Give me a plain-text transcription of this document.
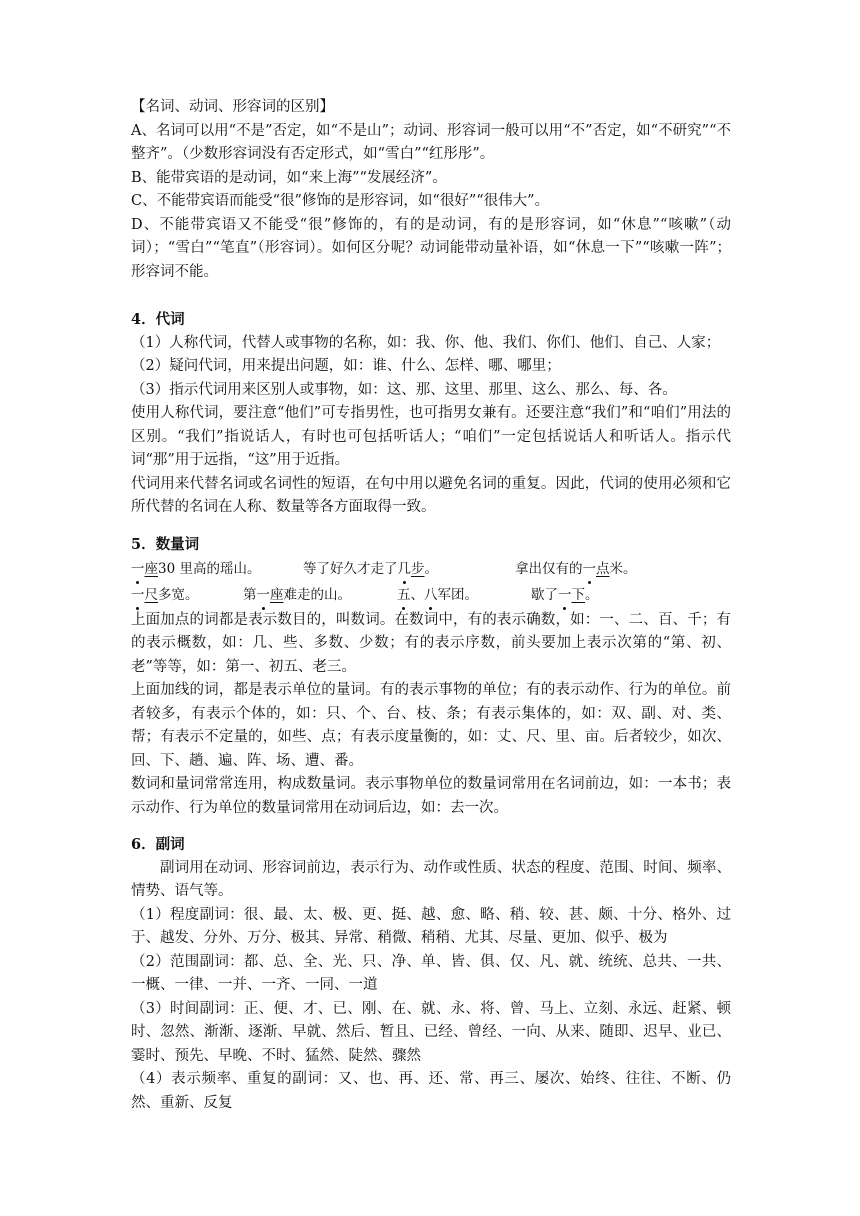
【名词、动词、形容词的区别】

A、名词可以用“不是”否定，如“不是山”；动词、形容词一般可以用“不”否定，如“不研究”“不整齐”。（少数形容词没有否定形式，如“雪白”“红彤彤”。

B、能带宾语的是动词，如“来上海”“发展经济”。

C、不能带宾语而能受“很”修饰的是形容词，如“很好”“很伟大”。

D、不能带宾语又不能受“很”修饰的，有的是动词，有的是形容词，如“休息”“咳嗽”（动词）；“雪白”“笔直”（形容词）。如何区分呢？动词能带动量补语，如“休息一下”“咳嗽一阵”；形容词不能。

4．代词

（1）人称代词，代替人或事物的名称，如：我、你、他、我们、你们、他们、自己、人家；

（2）疑问代词，用来提出问题，如：谁、什么、怎样、哪、哪里；

（3）指示代词用来区别人或事物，如：这、那、这里、那里、这么、那么、每、各。

使用人称代词，要注意“他们”可专指男性，也可指男女兼有。还要注意“我们”和“咱们”用法的区别。“我们”指说话人，有时也可包括听话人；“咱们”一定包括说话人和听话人。指示代词“那”用于远指，“这”用于近指。

代词用来代替名词或名词性的短语，在句中用以避免名词的重复。因此，代词的使用必须和它所代替的名词在人称、数量等各方面取得一致。

5．数量词

一座30 里高的瑶山。	等了好久才走了几步。	拿出仅有的一点米。
一尺多宽。	第一座难走的山。	五、八军团。	歇了一下。

上面加点的词都是表示数目的，叫数词。在数词中，有的表示确数，如：一、二、百、千；有的表示概数，如：几、些、多数、少数；有的表示序数，前头要加上表示次第的“第、初、老”等等，如：第一、初五、老三。

上面加线的词，都是表示单位的量词。有的表示事物的单位；有的表示动作、行为的单位。前者较多，有表示个体的，如：只、个、台、枝、条；有表示集体的，如：双、副、对、类、帮；有表示不定量的，如些、点；有表示度量衡的，如：丈、尺、里、亩。后者较少，如次、回、下、趟、遍、阵、场、遭、番。

数词和量词常常连用，构成数量词。表示事物单位的数量词常用在名词前边，如：一本书；表示动作、行为单位的数量词常用在动词后边，如：去一次。

6．副词

副词用在动词、形容词前边，表示行为、动作或性质、状态的程度、范围、时间、频率、情势、语气等。

（1）程度副词：很、最、太、极、更、挺、越、愈、略、稍、较、甚、颇、十分、格外、过于、越发、分外、万分、极其、异常、稍微、稍稍、尤其、尽量、更加、似乎、极为

（2）范围副词：都、总、全、光、只、净、单、皆、俱、仅、凡、就、统统、总共、一共、一概、一律、一并、一齐、一同、一道

（3）时间副词：正、便、才、已、刚、在、就、永、将、曾、马上、立刻、永远、赶紧、顿时、忽然、渐渐、逐渐、早就、然后、暂且、已经、曾经、一向、从来、随即、迟早、业已、霎时、预先、早晚、不时、猛然、陡然、骤然

（4）表示频率、重复的副词：又、也、再、还、常、再三、屡次、始终、往往、不断、仍然、重新、反复
